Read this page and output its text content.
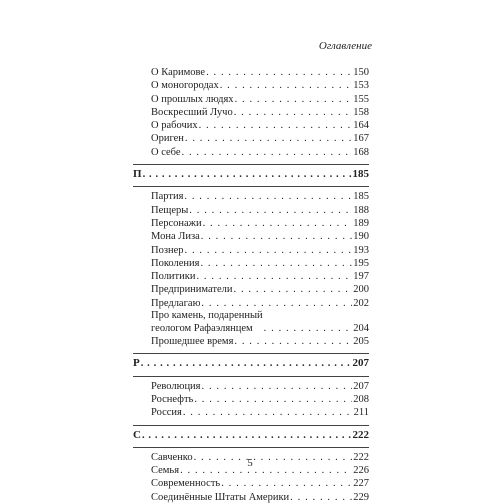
Оглавление
О Каримове . . .	150
О моногородах . . .	153
О прошлых людях . . .	155
Воскресший Лучо . . .	158
О рабочих . . .	164
Ориген . . .	167
О себе . . .	168
П . . .	185
Партия . . .	185
Пещеры . . .	188
Персонажи . . .	189
Мона Лиза . . .	190
Познер . . .	193
Поколения . . .	195
Политики . . .	197
Предприниматели . . .	200
Предлагаю . . .	202
Про камень, подаренный
геологом Рафаэлянцем . . .	204
Прошедшее время . . .	205
Р . . .	207
Революция . . .	207
Роснефть . . .	208
Россия . . .	211
С . . .	222
Савченко . . .	222
Семья . . .	226
Современность . . .	227
Соединённые Штаты Америки . . .	229
5
